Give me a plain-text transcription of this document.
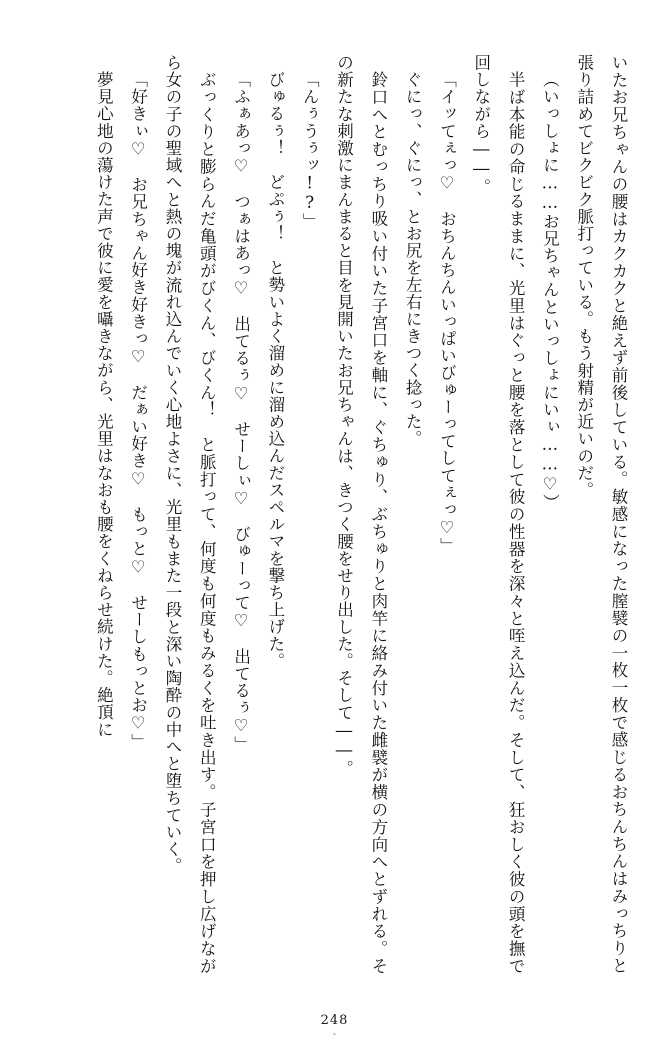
いたお兄ちゃんの腰はカクカクと絶えず前後している。敏感になった膣襞の一枚一枚で感じるおちんちんはみっちりと張り詰めてビクビク脈打っている。もう射精が近いのだ。

（いっしょに……お兄ちゃんといっしょにいぃ……♡）

半ば本能の命じるままに、光里はぐっと腰を落として彼の性器を深々と咥え込んだ。そして、狂おしく彼の頭を撫で回しながら――。

「イッてぇっ♡　おちんちんいっぱいびゅーってしてぇっ♡」

ぐにっ、ぐにっ、とお尻を左右にきつく捻った。

鈴口へとむっちり吸い付いた子宮口を軸に、ぐちゅり、ぶちゅりと肉竿に絡み付いた雌襞が横の方向へとずれる。その新たな刺激にまんまると目を見開いたお兄ちゃんは、きつく腰をせり出した。そして――。

「んぅうぅッ!?」

びゅるぅ！　どぷぅ！　と勢いよく溜めに溜め込んだスペルマを撃ち上げた。

「ふぁあっ♡　つぁはあっ♡　出てるぅ♡　せーしぃ♡　びゅーって♡　出てるぅ♡」

ぶっくりと膨らんだ亀頭がびくん、びくん！　と脈打って、何度も何度もみるくを吐き出す。子宮口を押し広げながら女の子の聖域へと熱の塊が流れ込んでいく心地よさに、光里もまた一段と深い陶酔の中へと堕ちていく。

「好きぃ♡　お兄ちゃん好き好きっ♡　だぁい好き♡　もっと♡　せーしもっとお♡」

夢見心地の蕩けた声で彼に愛を囁きながら、光里はなおも腰をくねらせ続けた。絶頂に

248
-
